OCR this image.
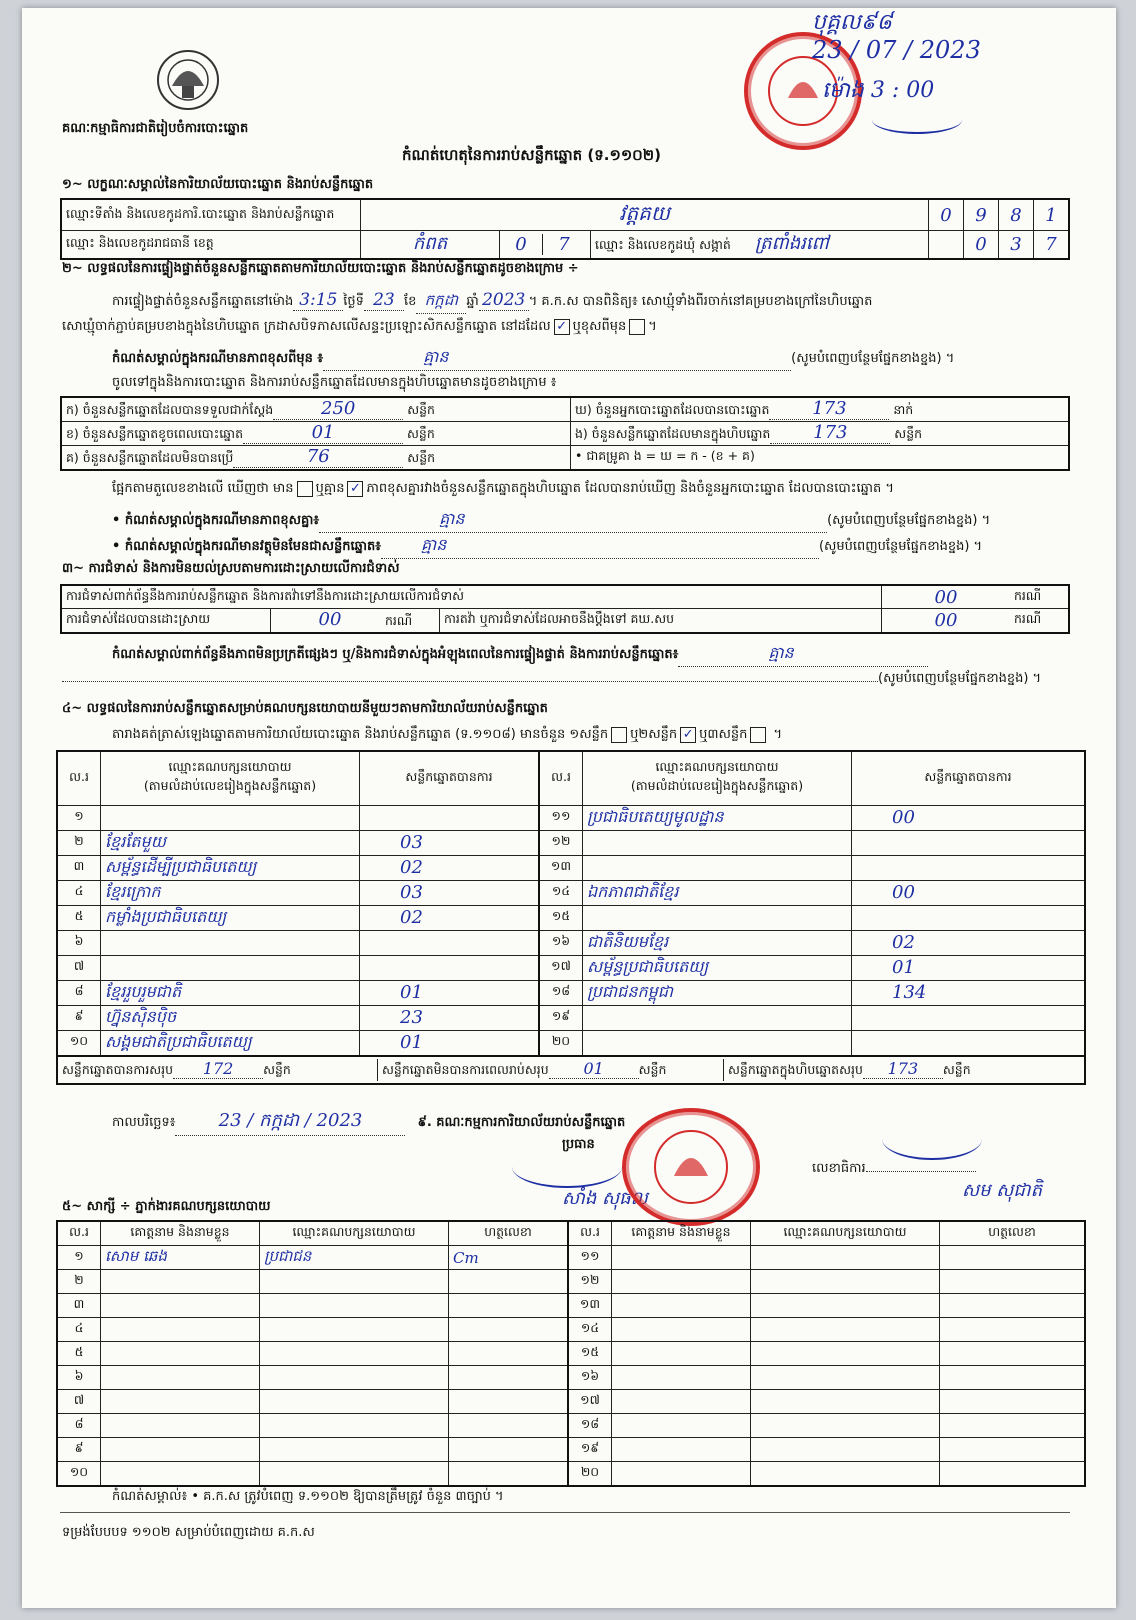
គណៈកម្មាធិការជាតិរៀបចំការបោះឆ្នោត
កំណត់ហេតុនៃការរាប់សន្លឹកឆ្នោត (ទ.១១០២)
បុគ្គល៩៨
23 / 07 / 2023
ម៉ោង 3 : 00
១~ លក្ខណៈសម្គាល់នៃការិយាល័យបោះឆ្នោត និងរាប់សន្លឹកឆ្នោត
ឈ្មោះទីតាំង និងលេខកូដការិ.បោះឆ្នោត និងរាប់សន្លឹកឆ្នោត	វត្តគយ			0	9	8	1
ឈ្មោះ និងលេខកូដរាជធានី ខេត្ត	កំពត	0 7	ឈ្មោះ និងលេខកូដឃុំ សង្កាត់ ត្រពាំងរពៅ		0	3	7
២~ លទ្ធផលនៃការផ្ទៀងផ្ទាត់ចំនួនសន្លឹកឆ្នោតតាមការិយាល័យបោះឆ្នោត និងរាប់សន្លឹកឆ្នោតដូចខាងក្រោម ÷
ការផ្ទៀងផ្ទាត់ចំនួនសន្លឹកឆ្នោតនៅម៉ោង 3:15 ថ្ងៃទី 23 ខែ កក្កដា ឆ្នាំ 2023 ។ គ.ក.ស បានពិនិត្យ៖ សោឃ្មុំទាំងពីរចាក់នៅគម្របខាងក្រៅនៃហិបឆ្នោត
សោឃ្មុំចាក់ភ្ជាប់គម្របខាងក្នុងនៃហិបឆ្នោត ក្រដាសបិទភាសលើសន្ទះប្រឡោះសិកសន្លឹកឆ្នោត នៅដដែល ✓ ឬខុសពីមុន ។
កំណត់សម្គាល់ក្នុងករណីមានភាពខុសពីមុន ៖	គ្មាន	(សូមបំពេញបន្ថែមផ្នែកខាងខ្នង) ។
ចូលទៅក្នុងនិងការបោះឆ្នោត និងការរាប់សន្លឹកឆ្នោតដែលមានក្នុងហិបឆ្នោតមានដូចខាងក្រោម ៖
ក) ចំនួនសន្លឹកឆ្នោតដែលបានទទួលជាក់ស្តែង 250 សន្លឹក	ឃ) ចំនួនអ្នកបោះឆ្នោតដែលបានបោះឆ្នោត 173 នាក់
ខ) ចំនួនសន្លឹកឆ្នោតខូចពេលបោះឆ្នោត 01 សន្លឹក	ង) ចំនួនសន្លឹកឆ្នោតដែលមានក្នុងហិបឆ្នោត 173 សន្លឹក
គ) ចំនួនសន្លឹកឆ្នោតដែលមិនបានប្រើ 76 សន្លឹក	• ជាគម្រូគា ង = ឃ = ក - (ខ + គ)
ផ្អែកតាមតួលេខខាងលើ ឃើញថា មាន ឬគ្មាន ✓ ភាពខុសគ្នារវាងចំនួនសន្លឹកឆ្នោតក្នុងហិបឆ្នោត ដែលបានរាប់ឃើញ និងចំនួនអ្នកបោះឆ្នោត ដែលបានបោះឆ្នោត ។
• កំណត់សម្គាល់ក្នុងករណីមានភាពខុសគ្នា៖	គ្មាន	(សូមបំពេញបន្ថែមផ្នែកខាងខ្នង) ។
• កំណត់សម្គាល់ក្នុងករណីមានវត្ថុមិនមែនជាសន្លឹកឆ្នោត៖	គ្មាន	(សូមបំពេញបន្ថែមផ្នែកខាងខ្នង) ។
៣~ ការជំទាស់ និងការមិនយល់ស្របតាមការដោះស្រាយលើការជំទាស់
ការជំទាស់ពាក់ព័ន្ធនឹងការរាប់សន្លឹកឆ្នោត និងការតវ៉ាទៅនឹងការដោះស្រាយលើការជំទាស់			00	ករណី
ការជំទាស់ដែលបានដោះស្រាយ	00 ករណី	ការតវ៉ា ឬការជំទាស់ដែលអាចនឹងប្តឹងទៅ គឃ.សប	00	ករណី
កំណត់សម្គាល់ពាក់ព័ន្ធនឹងភាពមិនប្រក្រតីផ្សេងៗ ឬ/និងការជំទាស់ក្នុងអំឡុងពេលនៃការផ្ទៀងផ្ទាត់ និងការរាប់សន្លឹកឆ្នោត៖	គ្មាន
(សូមបំពេញបន្ថែមផ្នែកខាងខ្នង) ។
៤~ លទ្ធផលនៃការរាប់សន្លឹកឆ្នោតសម្រាប់គណបក្សនយោបាយនីមួយៗតាមការិយាល័យរាប់សន្លឹកឆ្នោត
តារាងគត់ត្រាស់ឡេងឆ្នោតតាមការិយាល័យបោះឆ្នោត និងរាប់សន្លឹកឆ្នោត (ទ.១១០៨) មានចំនួន ១សន្លឹក ឬ២សន្លឹក ✓ ឬ៣សន្លឹក ។
ល.រ	ឈ្មោះគណបក្សនយោបាយ
(តាមលំដាប់លេខរៀងក្នុងសន្លឹកឆ្នោត)	សន្លឹកឆ្នោតបានការ	ល.រ	ឈ្មោះគណបក្សនយោបាយ
(តាមលំដាប់លេខរៀងក្នុងសន្លឹកឆ្នោត)	សន្លឹកឆ្នោតបានការ
១			១១	ប្រជាធិបតេយ្យមូលដ្ឋាន	00
២	ខ្មែរតែមួយ	03	១២		
៣	សម្ព័ន្ធដើម្បីប្រជាធិបតេយ្យ	02	១៣		
៤	ខ្មែរក្រោក	03	១៤	ឯកភាពជាតិខ្មែរ	00
៥	កម្លាំងប្រជាធិបតេយ្យ	02	១៥		
៦			១៦	ជាតិនិយមខ្មែរ	02
៧			១៧	សម្ព័ន្ធប្រជាធិបតេយ្យ	01
៨	ខ្មែររួបរួមជាតិ	01	១៨	ប្រជាជនកម្ពុជា	134
៩	ហ្វ៊ុនស៊ិនប៉ិច	23	១៩		
១០	សង្គមជាតិប្រជាធិបតេយ្យ	01	២០		
សន្លឹកឆ្នោតបានការសរុប 172 សន្លឹក សន្លឹកឆ្នោតមិនបានការពេលរាប់សរុប 01 សន្លឹក សន្លឹកឆ្នោតក្នុងហិបឆ្នោតសរុប 173 សន្លឹក					
កាលបរិច្ឆេទ៖ 23 / កក្កដា / 2023	៩. គណៈកម្មការការិយាល័យរាប់សន្លឹកឆ្នោត
ប្រធាន
សាំង សុផល
លេខាធិការ
សម សុជាតិ
៥~ សាក្សី ÷ ភ្នាក់ងារគណបក្សនយោបាយ
ល.រ	គោត្តនាម និងនាមខ្លួន	ឈ្មោះគណបក្សនយោបាយ	ហត្ថលេខា	ល.រ	គោត្តនាម និងនាមខ្លួន	ឈ្មោះគណបក្សនយោបាយ	ហត្ថលេខា
១	សោម ឆេង	ប្រជាជន	Cm	១១			
២				១២			
៣				១៣			
៤				១៤			
៥				១៥			
៦				១៦			
៧				១៧			
៨				១៨			
៩				១៩			
១០				២០			
កំណត់សម្គាល់៖ • គ.ក.ស ត្រូវបំពេញ ទ.១១០២ ឱ្យបានត្រឹមត្រូវ ចំនួន ៣ច្បាប់ ។
ទម្រង់បែបបទ ១១០២ សម្រាប់បំពេញដោយ គ.ក.ស
